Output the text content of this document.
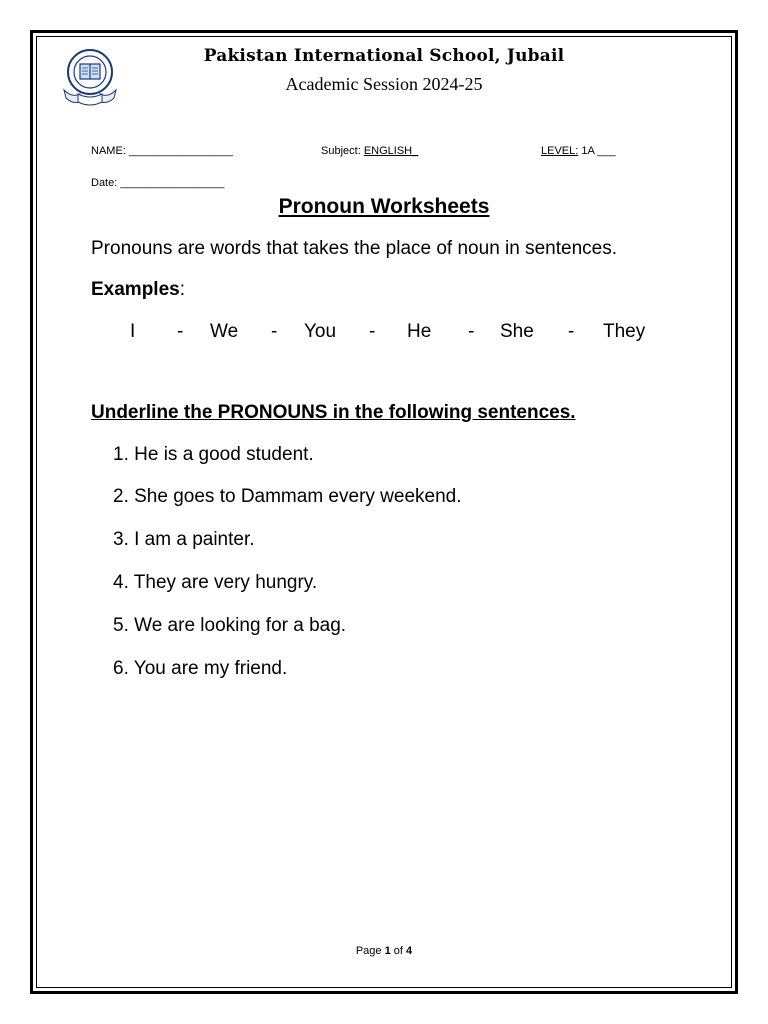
Pakistan International School, Jubail
Academic Session 2024-25
NAME: _________________	Subject: ENGLISH_	LEVEL: 1A ___
Date: _________________
Pronoun Worksheets
Pronouns are words that takes the place of noun in sentences.
Examples:
I - We - You - He - She - They
Underline the PRONOUNS in the following sentences.
1. He is a good student.
2. She goes to Dammam every weekend.
3. I am a painter.
4. They are very hungry.
5. We are looking for a bag.
6. You are my friend.
Page 1 of 4
